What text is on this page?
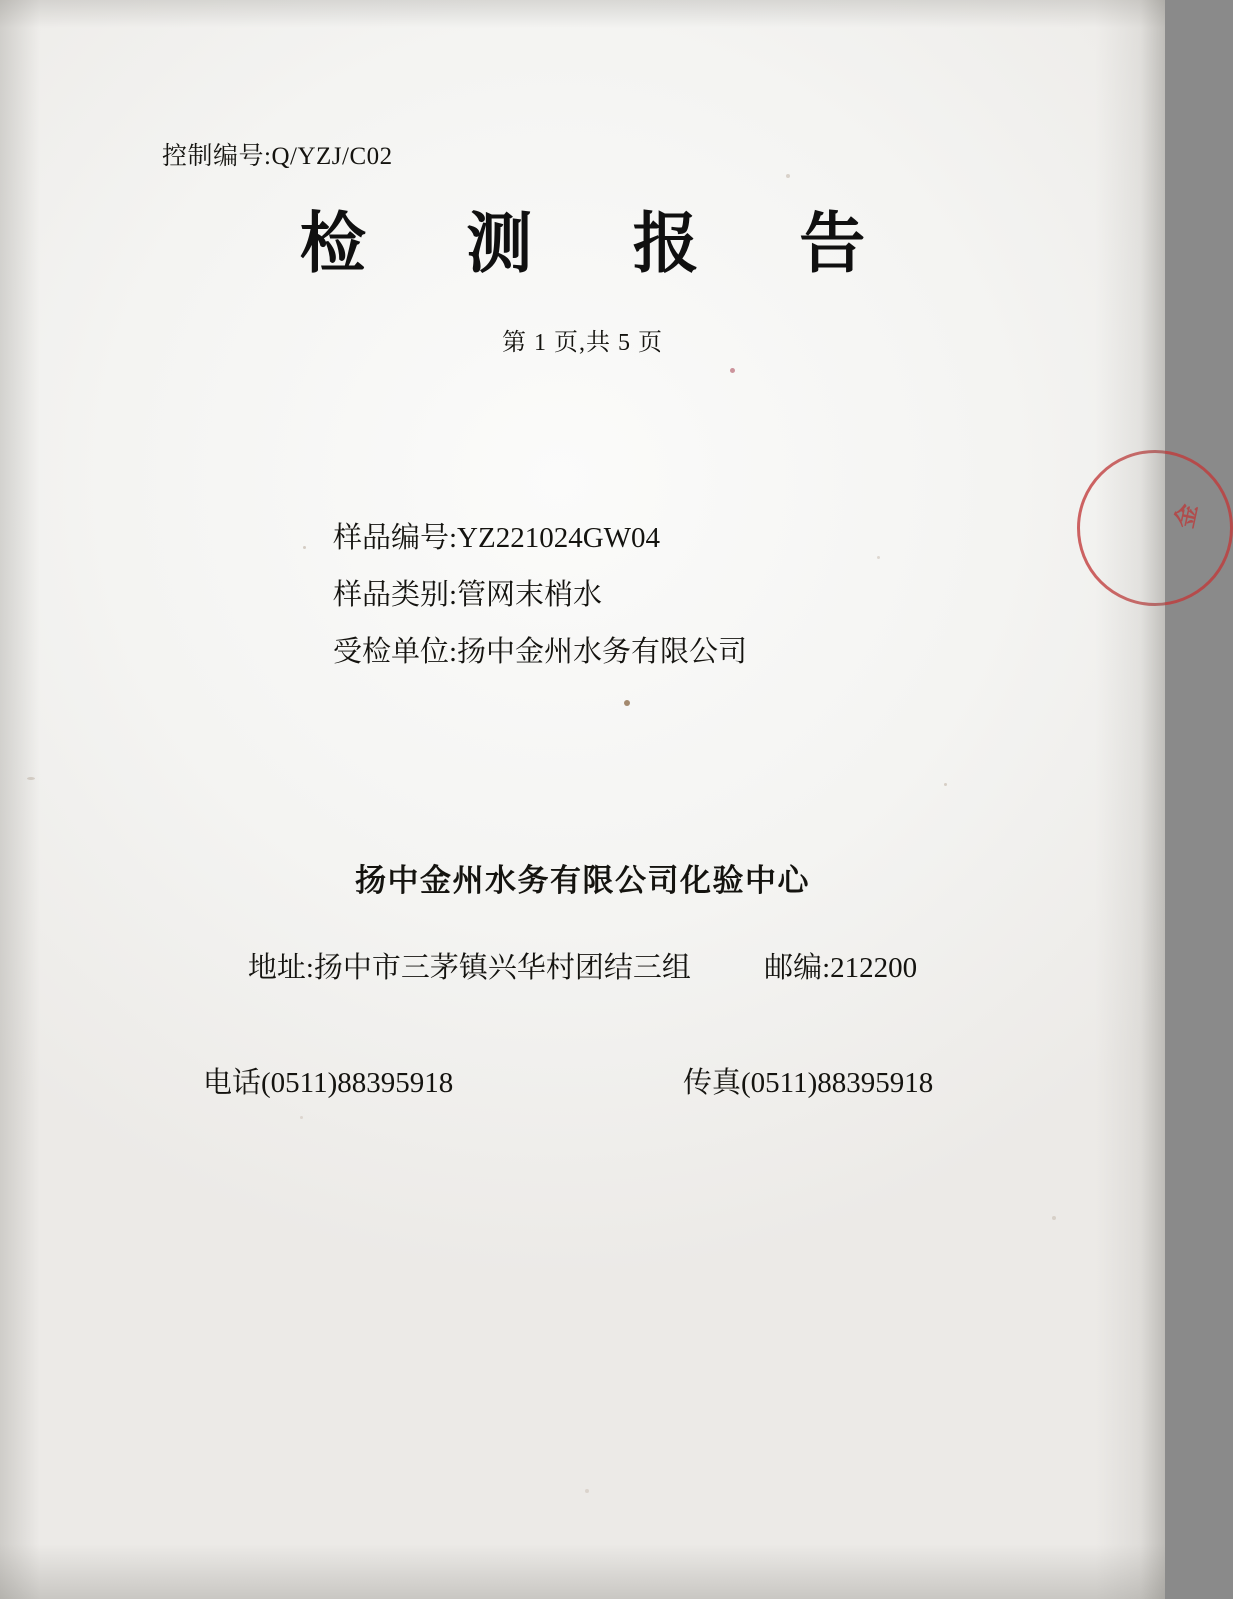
控制编号:Q/YZJ/C02
检 测 报 告
第 1 页,共 5 页
样品编号:YZ221024GW04
样品类别:管网末梢水
受检单位:扬中金州水务有限公司
扬中金州水务有限公司化验中心
地址:扬中市三茅镇兴华村团结三组	邮编:212200
电话(0511)88395918	传真(0511)88395918
金
